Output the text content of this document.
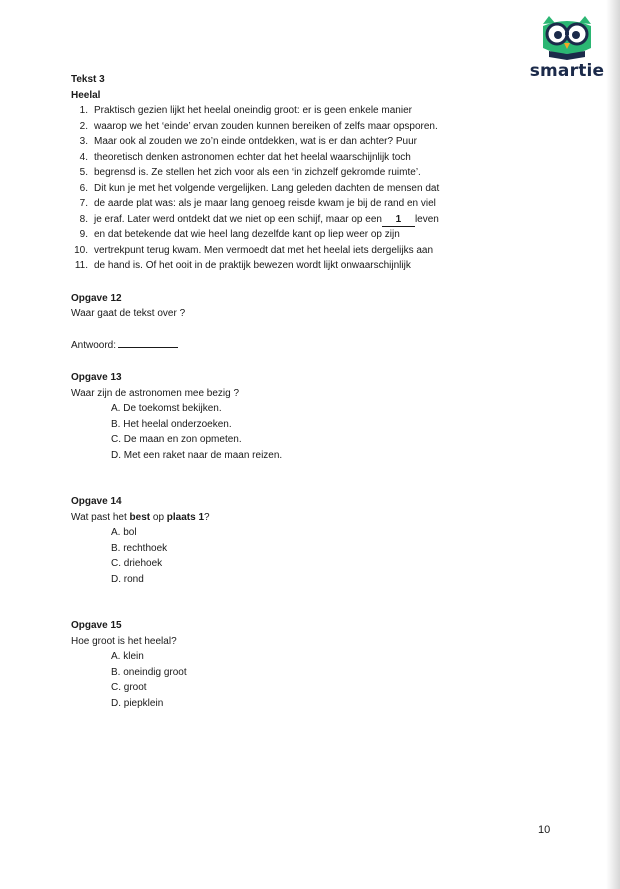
smartie
Tekst 3
Heelal
1. Praktisch gezien lijkt het heelal oneindig groot: er is geen enkele manier
2. waarop we het ‘einde’ ervan zouden kunnen bereiken of zelfs maar opsporen.
3. Maar ook al zouden we zo’n einde ontdekken, wat is er dan achter? Puur
4. theoretisch denken astronomen echter dat het heelal waarschijnlijk toch
5. begrensd is. Ze stellen het zich voor als een ‘in zichzelf gekromde ruimte’.
6. Dit kun je met het volgende vergelijken. Lang geleden dachten de mensen dat
7. de aarde plat was: als je maar lang genoeg reisde kwam je bij de rand en viel
8. je eraf. Later werd ontdekt dat we niet op een schijf, maar op een 1 leven
9. en dat betekende dat wie heel lang dezelfde kant op liep weer op zijn
10. vertrekpunt terug kwam. Men vermoedt dat met het heelal iets dergelijks aan
11. de hand is. Of het ooit in de praktijk bewezen wordt lijkt onwaarschijnlijk
Opgave 12
Waar gaat de tekst over ?
Antwoord:
Opgave 13
Waar zijn de astronomen mee bezig ?
A. De toekomst bekijken.
B. Het heelal onderzoeken.
C. De maan en zon opmeten.
D. Met een raket naar de maan reizen.
Opgave 14
Wat past het best op plaats 1?
A. bol
B. rechthoek
C. driehoek
D. rond
Opgave 15
Hoe groot is het heelal?
A. klein
B. oneindig groot
C. groot
D. piepklein
10
